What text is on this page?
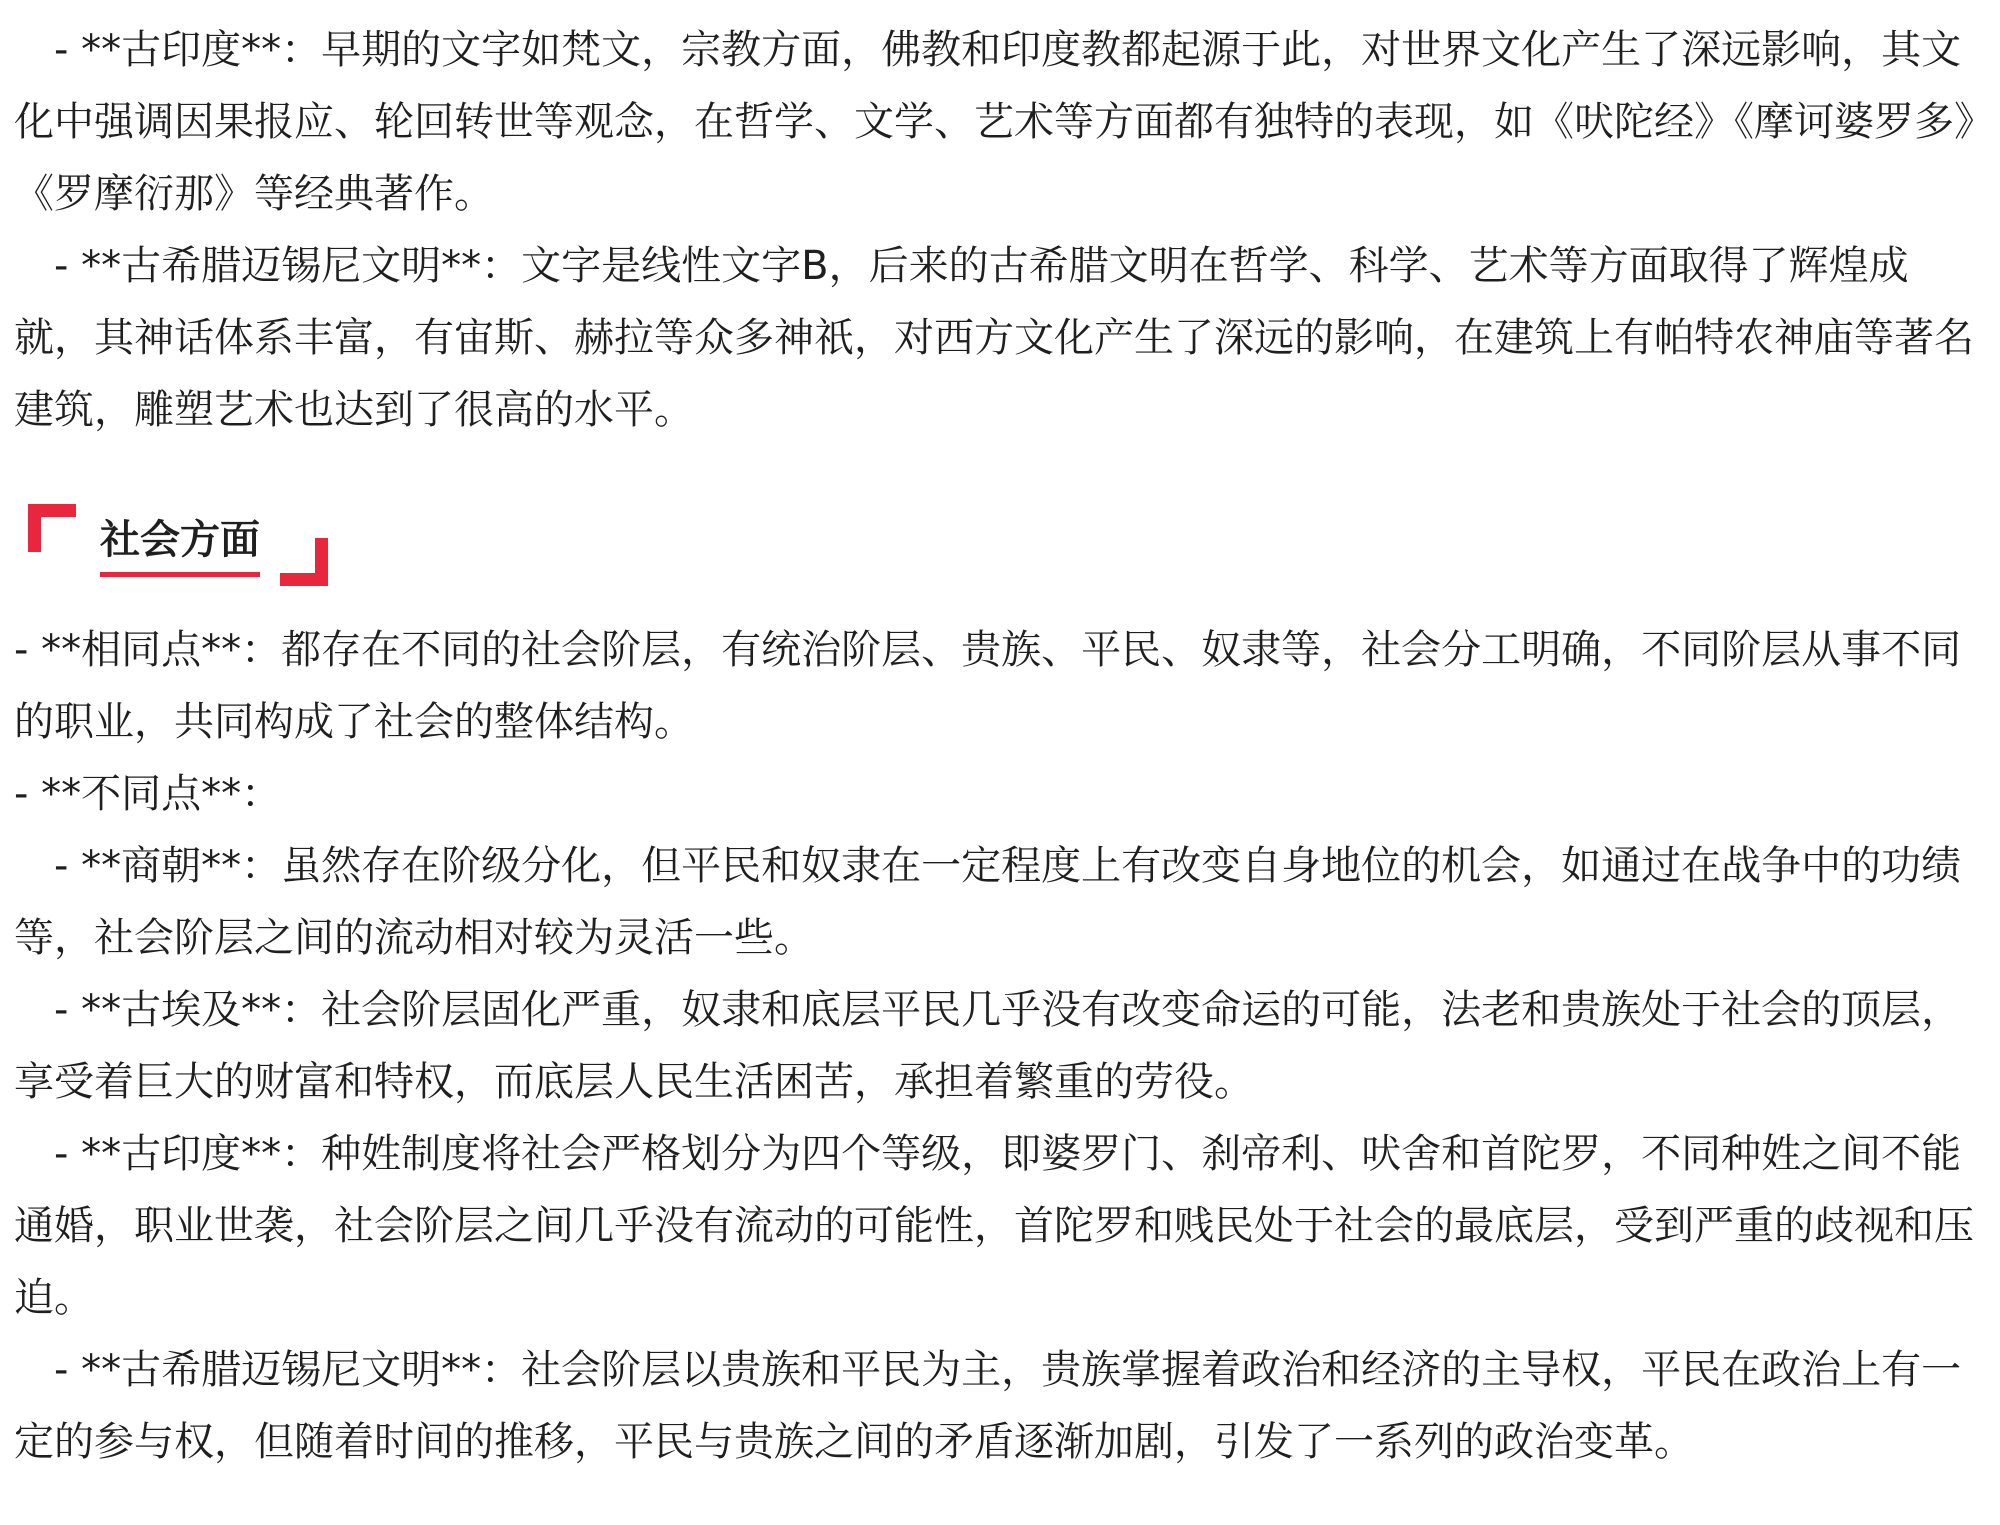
- **古印度**：早期的文字如梵文，宗教方面，佛教和印度教都起源于此，对世界文化产生了深远影响，其文化中强调因果报应、轮回转世等观念，在哲学、文学、艺术等方面都有独特的表现，如《吠陀经》《摩诃婆罗多》《罗摩衍那》等经典著作。

- **古希腊迈锡尼文明**：文字是线性文字B，后来的古希腊文明在哲学、科学、艺术等方面取得了辉煌成就，其神话体系丰富，有宙斯、赫拉等众多神祇，对西方文化产生了深远的影响，在建筑上有帕特农神庙等著名建筑，雕塑艺术也达到了很高的水平。

社会方面

- **相同点**：都存在不同的社会阶层，有统治阶层、贵族、平民、奴隶等，社会分工明确，不同阶层从事不同的职业，共同构成了社会的整体结构。

- **不同点**：

- **商朝**：虽然存在阶级分化，但平民和奴隶在一定程度上有改变自身地位的机会，如通过在战争中的功绩等，社会阶层之间的流动相对较为灵活一些。

- **古埃及**：社会阶层固化严重，奴隶和底层平民几乎没有改变命运的可能，法老和贵族处于社会的顶层，享受着巨大的财富和特权，而底层人民生活困苦，承担着繁重的劳役。

- **古印度**：种姓制度将社会严格划分为四个等级，即婆罗门、刹帝利、吠舍和首陀罗，不同种姓之间不能通婚，职业世袭，社会阶层之间几乎没有流动的可能性，首陀罗和贱民处于社会的最底层，受到严重的歧视和压迫。

- **古希腊迈锡尼文明**：社会阶层以贵族和平民为主，贵族掌握着政治和经济的主导权，平民在政治上有一定的参与权，但随着时间的推移，平民与贵族之间的矛盾逐渐加剧，引发了一系列的政治变革。
